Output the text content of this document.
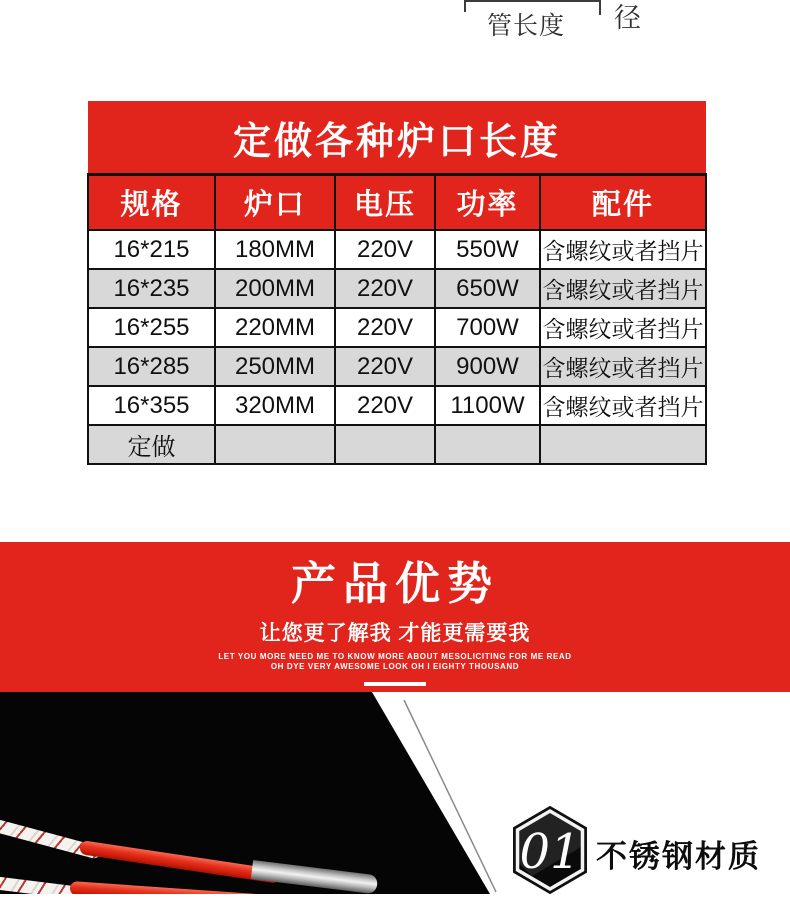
管长度 径
定做各种炉口长度				
规格	炉口	电压	功率	配件
16*215	180MM	220V	550W	含螺纹或者挡片
16*235	200MM	220V	650W	含螺纹或者挡片
16*255	220MM	220V	700W	含螺纹或者挡片
16*285	250MM	220V	900W	含螺纹或者挡片
16*355	320MM	220V	1100W	含螺纹或者挡片
定做				
产品优势
让您更了解我 才能更需要我
LET YOU MORE NEED ME TO KNOW MORE ABOUT MESOLICITING FOR ME READ
OH DYE VERY AWESOME LOOK OH I EIGHTY THOUSAND
01 不锈钢材质
